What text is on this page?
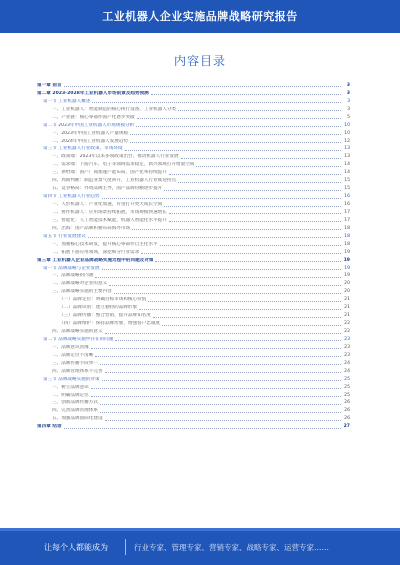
工业机器人企业实施品牌战略研究报告
内容目录
第一章 前言	3
第二章 2023-2028年工业机器人市场前景及趋势预测	3
第一节 工业机器人概述	3
一、工业机器人：智能制造的核心执行设备，工业机器人分类	3
二、产业链：核心零部件国产化逐步突破	5
第二节 2023年中国工业机器人市场规模分析	10
一、2023年中国工业机器人产量规模	10
二、2024年中国工业机器人发展趋势	12
第三节 工业机器人行业政策、市场环境	13
一、政策端：2023年以来多项政策出台，推动机器人行业发展	13
二、需求端：下游汽车、电子等领域需求稳定，新兴领域打开增量空间	14
三、供给端：国产厂商加速产能布局，国产化率持续提升	14
四、周期判断：制造业景气度回升，工业机器人行业或迎拐点	15
五、竞争格局：外资品牌主导，国产品牌份额逐步提升	15
第四节 工业机器人行业趋势	16
一、人形机器人：产业化加速，有望打开更大成长空间	16
二、协作机器人：应用场景持续拓展，市场规模快速增长	17
三、智能化：人工智能技术赋能，机器人智能化水平提升	17
四、出海：国产品牌积极布局海外市场	18
第五节 行业发展建议	18
一、加强核心技术研发，提升核心零部件自主化水平	18
二、拓展下游应用领域，深挖细分行业需求	19
第三章 工业机器人企业品牌战略实施过程中的问题及对策	19
第一节 品牌战略与企业发展	19
一、品牌战略的内涵	19
二、品牌战略对企业的意义	20
三、品牌战略实施的主要内容	20
（一）品牌定位：明确目标市场和核心价值	21
（二）品牌识别：建立独特的品牌形象	21
（三）品牌传播：整合营销，提升品牌知名度	21
（四）品牌维护：保持品牌形象，增强客户忠诚度	22
四、品牌战略实施的意义	22
第二节 品牌战略实施中存在的问题	23
一、品牌意识淡薄	23
二、品牌定位不清晰	23
三、品牌传播手段单一	24
四、品牌管理体系不完善	24
第三节 品牌战略实施的对策	25
一、树立品牌意识	25
二、明确品牌定位	25
三、创新品牌传播方式	26
四、完善品牌管理体系	26
五、加强品牌国际化建设	26
第四章 结语	27
让每个人都能成为	行业专家、管理专家、营销专家、战略专家、运营专家……
